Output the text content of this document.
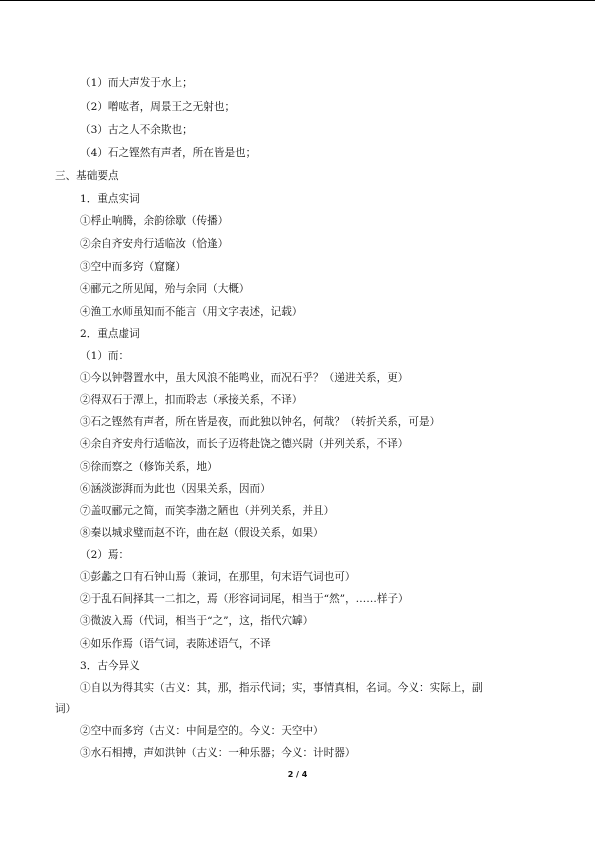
（1）而大声发于水上；
（2）噌吰者，周景王之无射也；
（3）古之人不余欺也；
（4）石之铿然有声者，所在皆是也；
三、基础要点
1．重点实词
①桴止响腾，余韵徐歇（传播）
②余自齐安舟行适临汝（恰逢）
③空中而多窍（窟窿）
④郦元之所见闻，殆与余同（大概）
④渔工水师虽知而不能言（用文字表述，记载）
2．重点虚词
（1）而：
①今以钟磬置水中，虽大风浪不能鸣业，而况石乎？（递进关系，更）
②得双石于潭上，扣而聆志（承接关系，不译）
③石之铿然有声者，所在皆是夜，而此独以钟名，何哉？（转折关系，可是）
④余自齐安舟行适临汝，而长子迈将赴饶之德兴尉（并列关系，不译）
⑤徐而察之（修饰关系，地）
⑥涵淡澎湃而为此也（因果关系，因而）
⑦盖叹郦元之简，而笑李渤之陋也（并列关系，并且）
⑧秦以城求璧而赵不许，曲在赵（假设关系，如果）
（2）焉：
①彭蠡之口有石钟山焉（兼词，在那里，句末语气词也可）
②于乱石间择其一二扣之，焉（形容词词尾，相当于“然”，……样子）
③微波入焉（代词，相当于“之”，这，指代穴罅）
④如乐作焉（语气词，表陈述语气，不译
3．古今异义
①自以为得其实（古义：其，那，指示代词；实，事情真相，名词。今义：实际上，副
词）
②空中而多窍（古义：中间是空的。今义：天空中）
③水石相搏，声如洪钟（古义：一种乐器；今义：计时器）
2 / 4
